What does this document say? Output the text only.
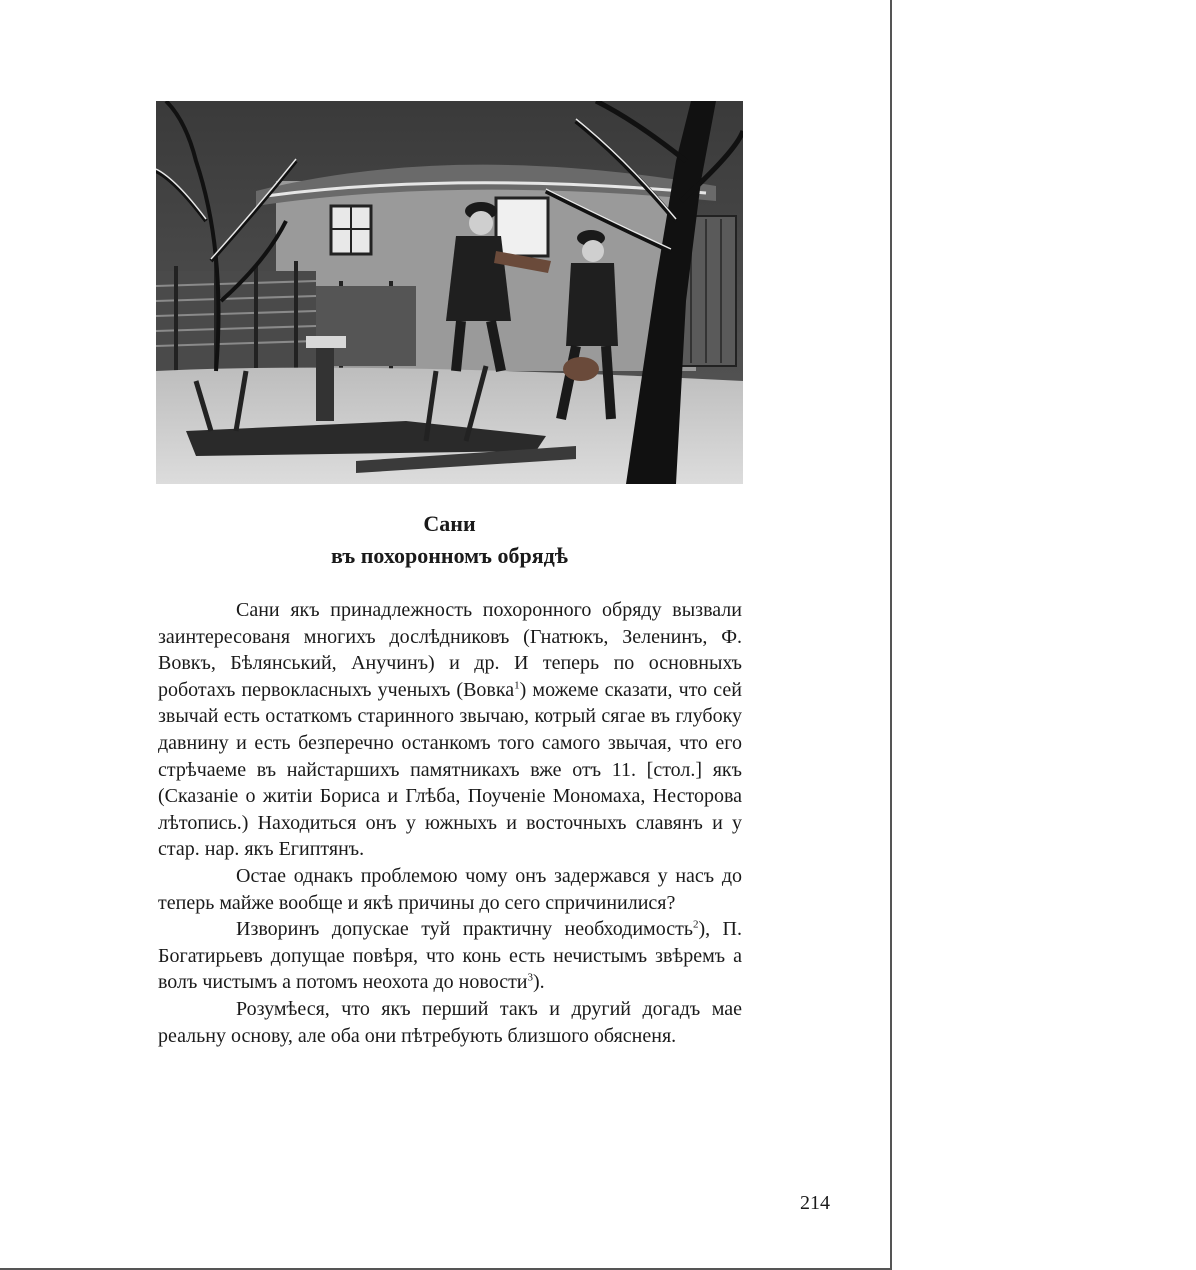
Сани
въ похоронномъ обрядѣ

Сани якъ принадлежность похоронного обряду вызвали заинтересованя многихъ дослѣдниковъ (Гнатюкъ, Зеленинъ, Ф. Вовкъ, Бѣлянський, Анучинъ) и др. И теперь по основныхъ роботахъ первокласныхъ ученыхъ (Вовка$^1$) можеме сказати, что сей звычай есть остаткомъ старинного звычаю, котрый сягае въ глубоку давнину и есть безперечно останкомъ того самого звычая, что его стрѣчаеме въ найстаршихъ памятникахъ вже отъ 11. [стол.] якъ (Сказанie о житiи Бориса и Глѣба, Поученie Мономаха, Несторова лѣтопись.) Находиться онъ у южныхъ и восточныхъ славянъ и у стар. нар. якъ Египтянъ.

Остае однакъ проблемою чому онъ задержався у насъ до теперь майже вообще и якѣ причины до сего спричинилися?

Изворинъ допускае туй практичну необходимость$^2$), П. Богатирьевъ допущае повѣря, что конь есть нечистымъ звѣремъ а волъ чистымъ а потомъ неохота до новости$^3$).

Розумѣеся, что якъ перший такъ и другий догадъ мае реальну основу, але оба они пѣтребують близшого обясненя.

214
